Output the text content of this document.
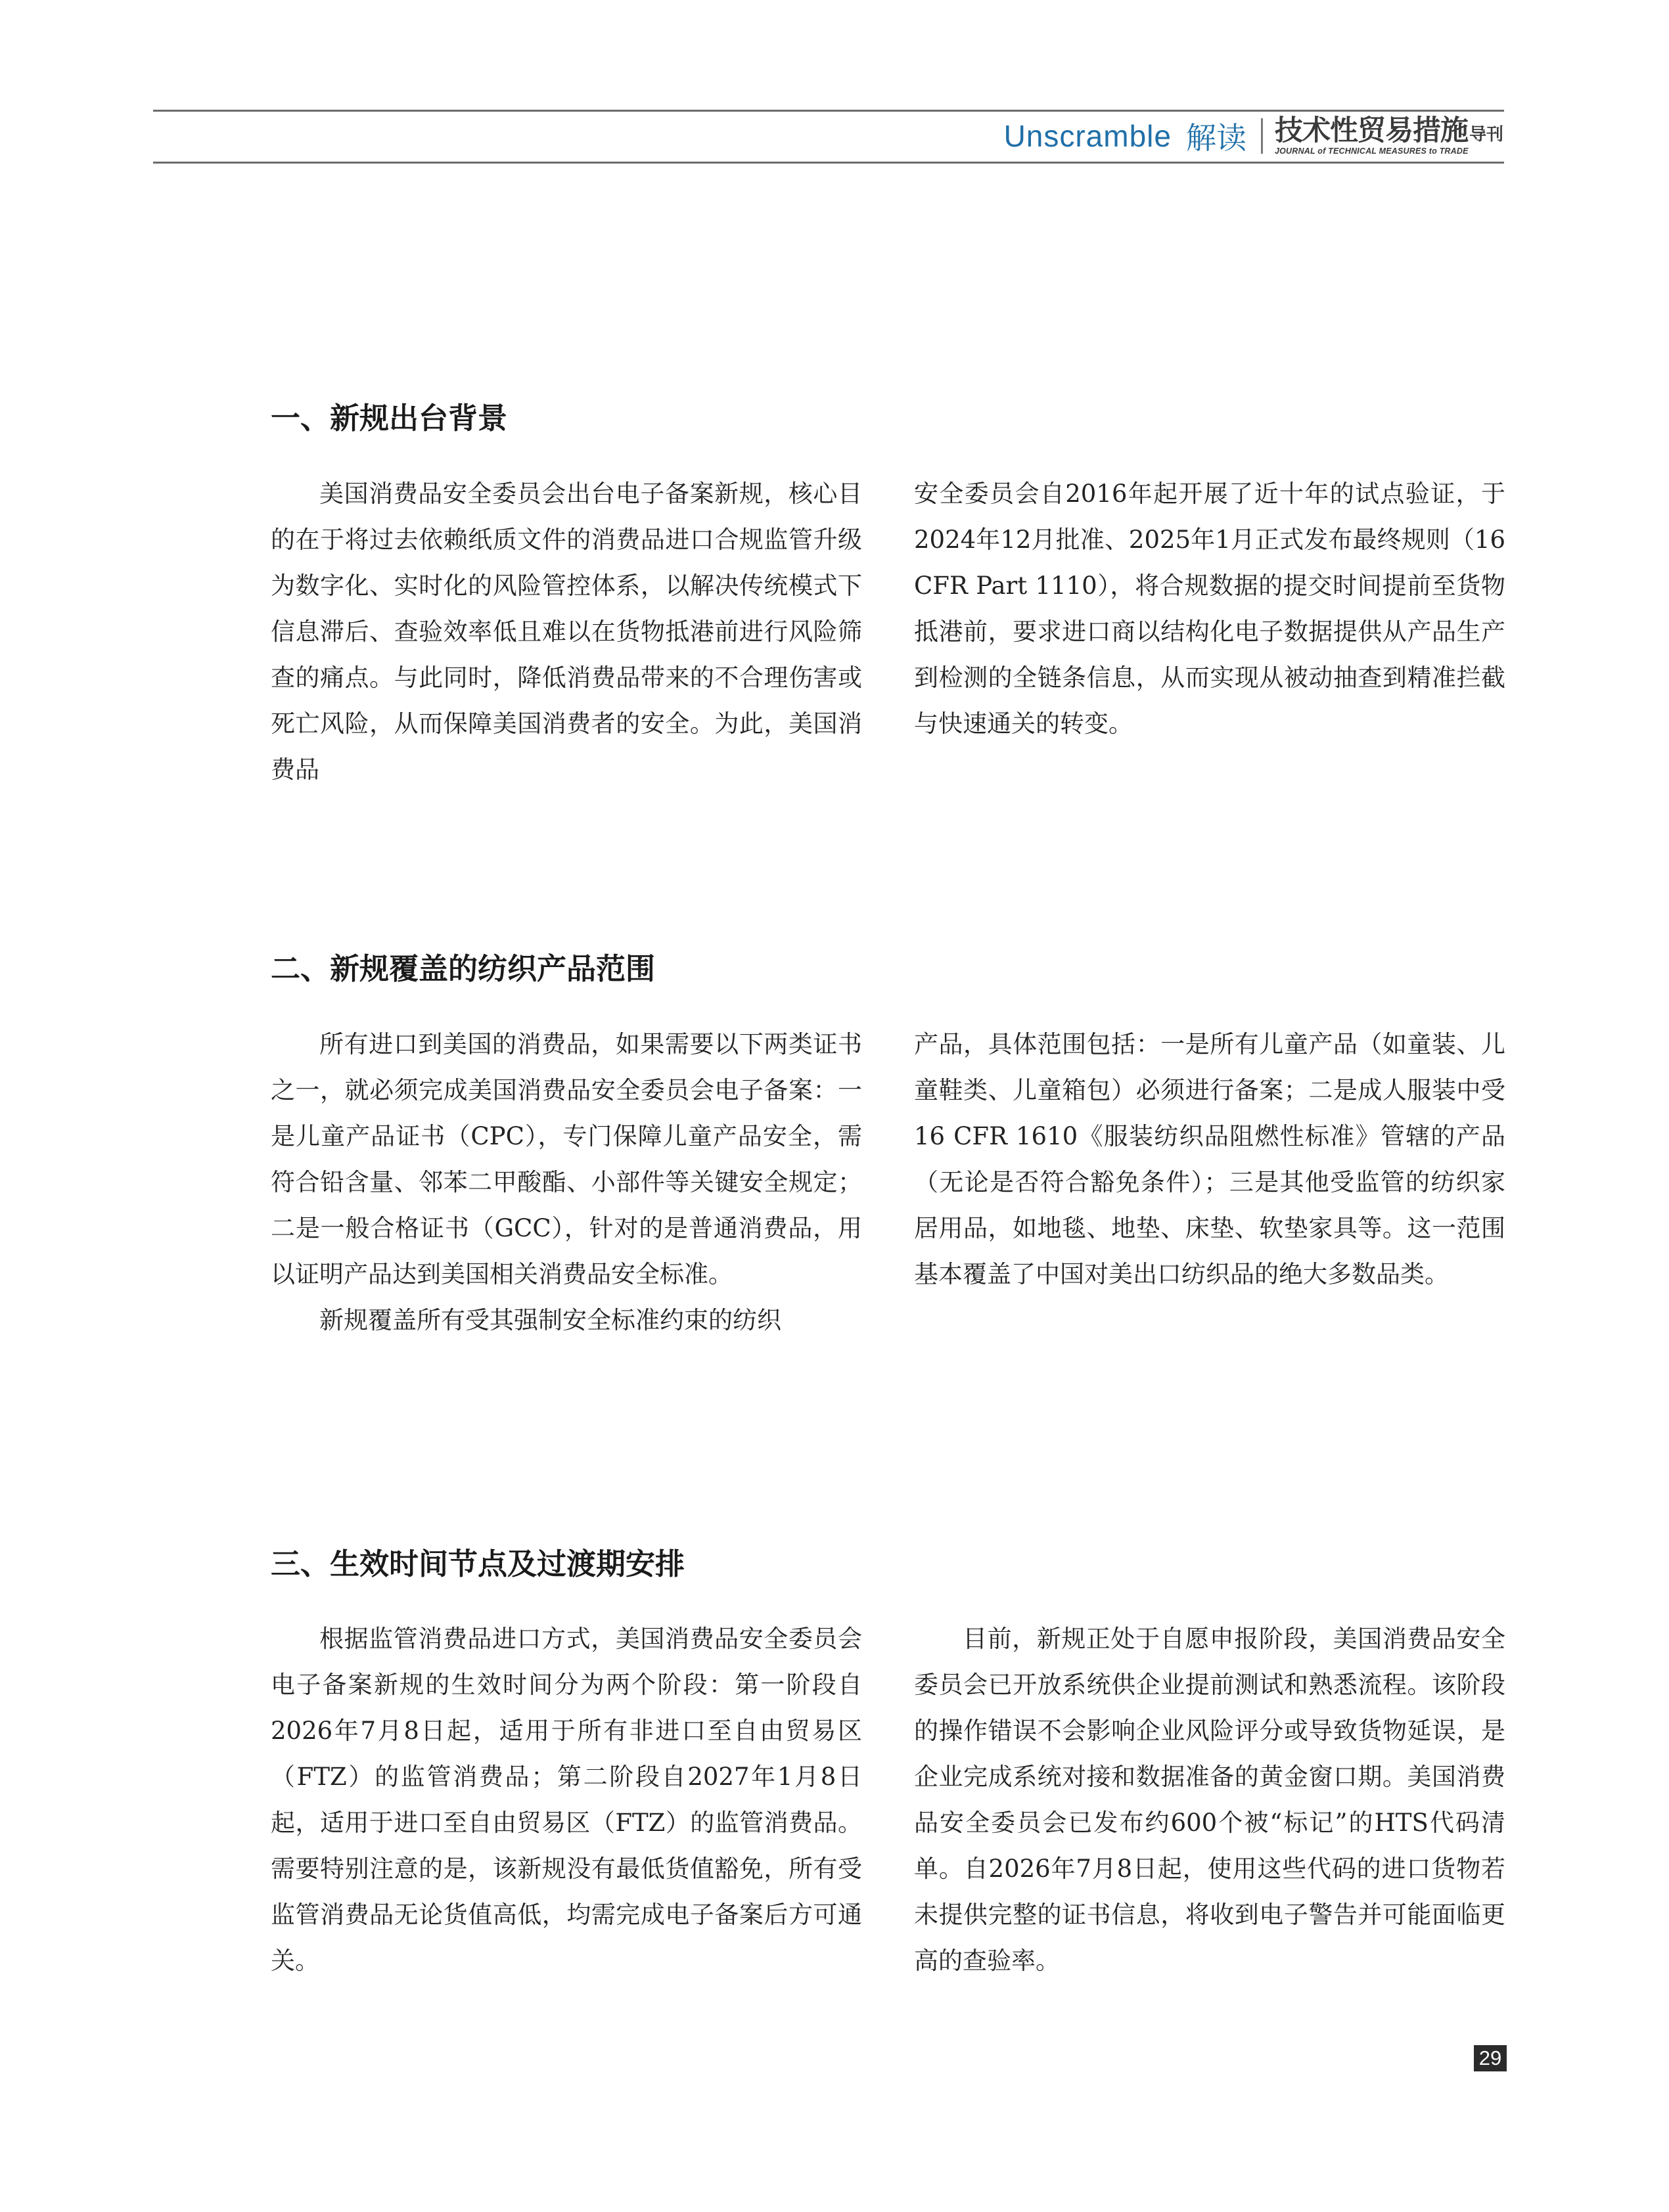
Unscramble 解读 技术性贸易措施 导刊
JOURNAL of TECHNICAL MEASURES to TRADE
一、新规出台背景

美国消费品安全委员会出台电子备案新规，核心目的在于将过去依赖纸质文件的消费品进口合规监管升级为数字化、实时化的风险管控体系，以解决传统模式下信息滞后、查验效率低且难以在货物抵港前进行风险筛查的痛点。与此同时，降低消费品带来的不合理伤害或死亡风险，从而保障美国消费者的安全。为此，美国消费品

安全委员会自2016年起开展了近十年的试点验证，于2024年12月批准、2025年1月正式发布最终规则（16 CFR Part 1110），将合规数据的提交时间提前至货物抵港前，要求进口商以结构化电子数据提供从产品生产到检测的全链条信息，从而实现从被动抽查到精准拦截与快速通关的转变。

二、新规覆盖的纺织产品范围

所有进口到美国的消费品，如果需要以下两类证书之一，就必须完成美国消费品安全委员会电子备案：一是儿童产品证书（CPC），专门保障儿童产品安全，需符合铅含量、邻苯二甲酸酯、小部件等关键安全规定；二是一般合格证书（GCC），针对的是普通消费品，用以证明产品达到美国相关消费品安全标准。

新规覆盖所有受其强制安全标准约束的纺织

产品，具体范围包括：一是所有儿童产品（如童装、儿童鞋类、儿童箱包）必须进行备案；二是成人服装中受16 CFR 1610《服装纺织品阻燃性标准》管辖的产品（无论是否符合豁免条件）；三是其他受监管的纺织家居用品，如地毯、地垫、床垫、软垫家具等。这一范围基本覆盖了中国对美出口纺织品的绝大多数品类。

三、生效时间节点及过渡期安排

根据监管消费品进口方式，美国消费品安全委员会电子备案新规的生效时间分为两个阶段：第一阶段自2026年7月8日起，适用于所有非进口至自由贸易区（FTZ）的监管消费品；第二阶段自2027年1月8日起，适用于进口至自由贸易区（FTZ）的监管消费品。需要特别注意的是，该新规没有最低货值豁免，所有受监管消费品无论货值高低，均需完成电子备案后方可通关。

目前，新规正处于自愿申报阶段，美国消费品安全委员会已开放系统供企业提前测试和熟悉流程。该阶段的操作错误不会影响企业风险评分或导致货物延误，是企业完成系统对接和数据准备的黄金窗口期。美国消费品安全委员会已发布约600个被“标记”的HTS代码清单。自2026年7月8日起，使用这些代码的进口货物若未提供完整的证书信息，将收到电子警告并可能面临更高的查验率。

29
